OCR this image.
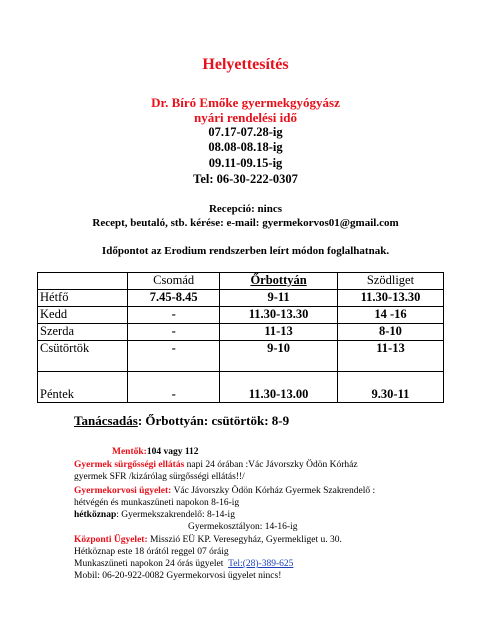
Helyettesítés
Dr. Bíró Emőke gyermekgyógyász
nyári rendelési idő
07.17-07.28-ig
08.08-08.18-ig
09.11-09.15-ig
Tel: 06-30-222-0307
Recepció: nincs
Recept, beutaló, stb. kérése: e-mail: gyermekorvos01@gmail.com
Időpontot az Erodium rendszerben leírt módon foglalhatnak.
	Csomád	Őrbottyán	Szödliget
Hétfő	7.45-8.45	9-11	11.30-13.30
Kedd	-	11.30-13.30	14 -16
Szerda	-	11-13	8-10
Csütörtök	-	9-10	11-13
Péntek	-	11.30-13.00	9.30-11
Tanácsadás: Őrbottyán: csütörtök: 8-9
Mentők:104 vagy 112
Gyermek sürgősségi ellátás napi 24 órában :Vác Jávorszky Ödön Kórház
gyermek SFR /kizárólag sürgősségi ellátás!!/
Gyermekorvosi ügyelet: Vác Jávorszky Ödön Kórház Gyermek Szakrendelő :
hétvégén és munkaszüneti napokon 8-16-ig
hétköznap: Gyermekszakrendelő: 8-14-ig
Gyermekosztályon: 14-16-ig
Központi Ügyelet: Misszió EÜ KP. Veresegyház, Gyermekliget u. 30.
Hétköznap este 18 órától reggel 07 óráig
Munkaszüneti napokon 24 órás ügyelet Tel:(28)-389-625
Mobil: 06-20-922-0082 Gyermekorvosi ügyelet nincs!
